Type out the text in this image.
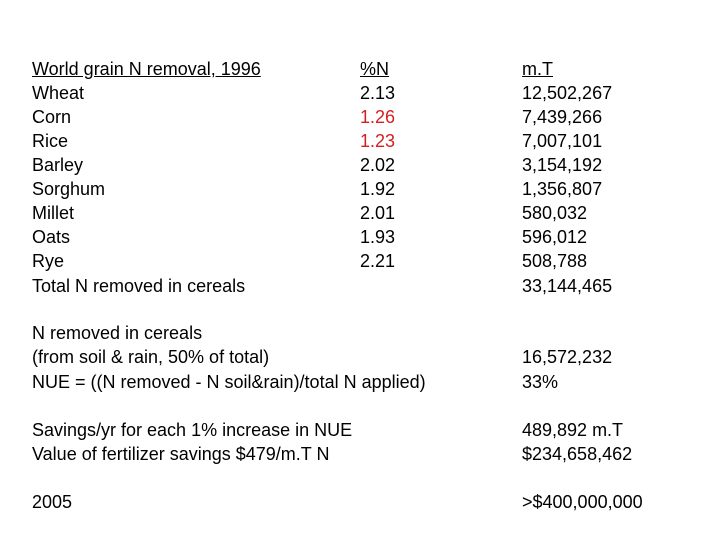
World grain N removal, 1996	%N	m.T
Wheat	2.13	12,502,267
Corn	1.26	7,439,266
Rice	1.23	7,007,101
Barley	2.02	3,154,192
Sorghum	1.92	1,356,807
Millet	2.01	580,032
Oats	1.93	596,012
Rye	2.21	508,788
Total N removed in cereals	33,144,465
N removed in cereals
(from soil & rain, 50% of total)	16,572,232
NUE = ((N removed - N soil&rain)/total N applied)	33%
Savings/yr for each 1% increase in NUE	489,892 m.T
Value of fertilizer savings $479/m.T N	$234,658,462
2005	>$400,000,000
